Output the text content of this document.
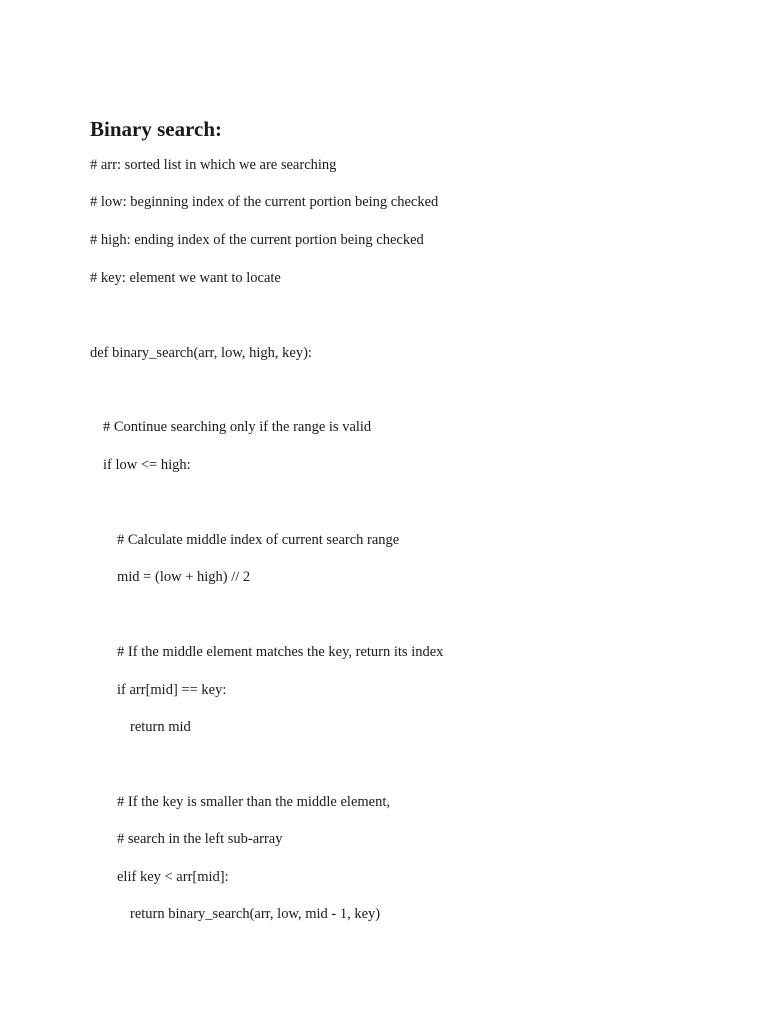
Binary search:

# arr: sorted list in which we are searching

# low: beginning index of the current portion being checked

# high: ending index of the current portion being checked

# key: element we want to locate

def binary_search(arr, low, high, key):

# Continue searching only if the range is valid

if low <= high:

# Calculate middle index of current search range

mid = (low + high) // 2

# If the middle element matches the key, return its index

if arr[mid] == key:

return mid

# If the key is smaller than the middle element,

# search in the left sub-array

elif key < arr[mid]:

return binary_search(arr, low, mid - 1, key)
